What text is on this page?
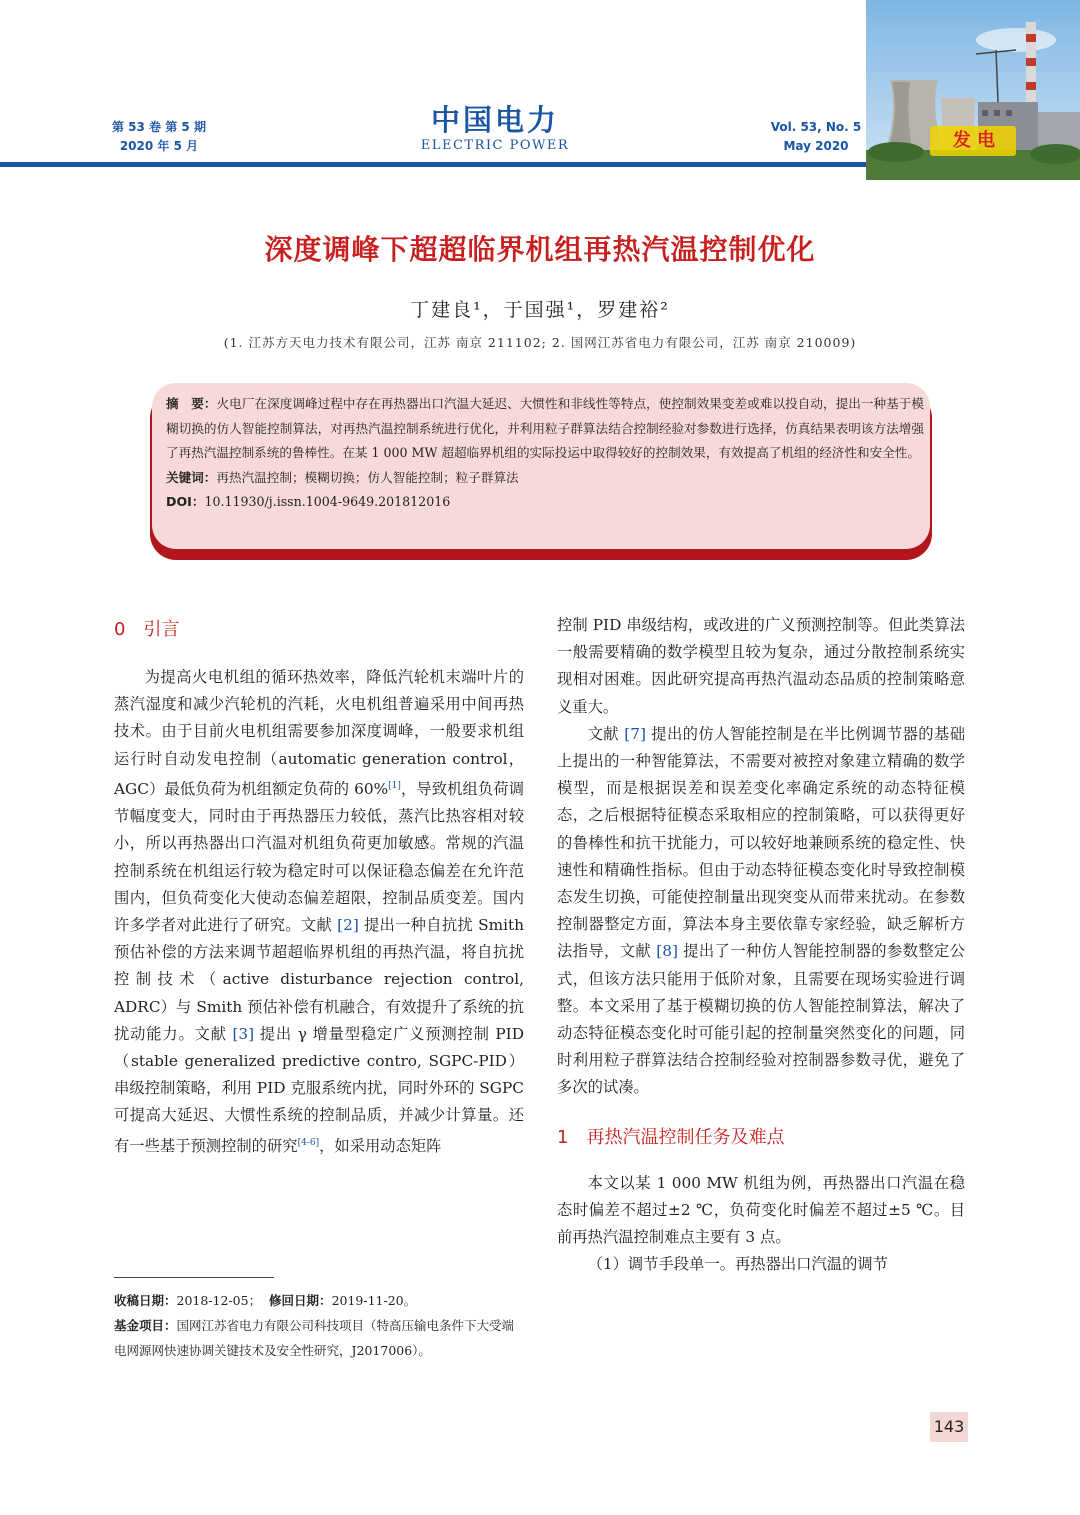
第 53 卷 第 5 期
2020 年 5 月
中国电力
ELECTRIC POWER
Vol. 53, No. 5
May 2020	发 电
深度调峰下超超临界机组再热汽温控制优化
丁建良¹，于国强¹，罗建裕²
(1. 江苏方天电力技术有限公司，江苏 南京 211102; 2. 国网江苏省电力有限公司，江苏 南京 210009)
摘　要：火电厂在深度调峰过程中存在再热器出口汽温大延迟、大惯性和非线性等特点，使控制效果变差或难以投自动，提出一种基于模糊切换的仿人智能控制算法，对再热汽温控制系统进行优化，并利用粒子群算法结合控制经验对参数进行选择，仿真结果表明该方法增强了再热汽温控制系统的鲁棒性。在某 1 000 MW 超超临界机组的实际投运中取得较好的控制效果，有效提高了机组的经济性和安全性。
关键词：再热汽温控制；模糊切换；仿人智能控制；粒子群算法
DOI：10.11930/j.issn.1004-9649.201812016
0　引言

为提高火电机组的循环热效率，降低汽轮机末端叶片的蒸汽湿度和减少汽轮机的汽耗，火电机组普遍采用中间再热技术。由于目前火电机组需要参加深度调峰，一般要求机组运行时自动发电控制（automatic generation control，AGC）最低负荷为机组额定负荷的 60%[1]，导致机组负荷调节幅度变大，同时由于再热器压力较低，蒸汽比热容相对较小，所以再热器出口汽温对机组负荷更加敏感。常规的汽温控制系统在机组运行较为稳定时可以保证稳态偏差在允许范围内，但负荷变化大使动态偏差超限，控制品质变差。国内许多学者对此进行了研究。文献 [2] 提出一种自抗扰 Smith 预估补偿的方法来调节超超临界机组的再热汽温，将自抗扰控制技术（active disturbance rejection control, ADRC）与 Smith 预估补偿有机融合，有效提升了系统的抗扰动能力。文献 [3] 提出 γ 增量型稳定广义预测控制 PID（stable generalized predictive contro, SGPC-PID）串级控制策略，利用 PID 克服系统内扰，同时外环的 SGPC可提高大延迟、大惯性系统的控制品质，并减少计算量。还有一些基于预测控制的研究[4-6]，如采用动态矩阵

控制 PID 串级结构，或改进的广义预测控制等。但此类算法一般需要精确的数学模型且较为复杂，通过分散控制系统实现相对困难。因此研究提高再热汽温动态品质的控制策略意义重大。

文献 [7] 提出的仿人智能控制是在半比例调节器的基础上提出的一种智能算法，不需要对被控对象建立精确的数学模型，而是根据误差和误差变化率确定系统的动态特征模态，之后根据特征模态采取相应的控制策略，可以获得更好的鲁棒性和抗干扰能力，可以较好地兼顾系统的稳定性、快速性和精确性指标。但由于动态特征模态变化时导致控制模态发生切换，可能使控制量出现突变从而带来扰动。在参数控制器整定方面，算法本身主要依靠专家经验，缺乏解析方法指导，文献 [8] 提出了一种仿人智能控制器的参数整定公式，但该方法只能用于低阶对象，且需要在现场实验进行调整。本文采用了基于模糊切换的仿人智能控制算法，解决了动态特征模态变化时可能引起的控制量突然变化的问题，同时利用粒子群算法结合控制经验对控制器参数寻优，避免了多次的试凑。

1　再热汽温控制任务及难点

本文以某 1 000 MW 机组为例，再热器出口汽温在稳态时偏差不超过±2 ℃，负荷变化时偏差不超过±5 ℃。目前再热汽温控制难点主要有 3 点。

（1）调节手段单一。再热器出口汽温的调节

收稿日期：2018-12-05； 修回日期：2019-11-20。
基金项目：国网江苏省电力有限公司科技项目（特高压输电条件下大受端电网源网快速协调关键技术及安全性研究，J2017006）。
143
